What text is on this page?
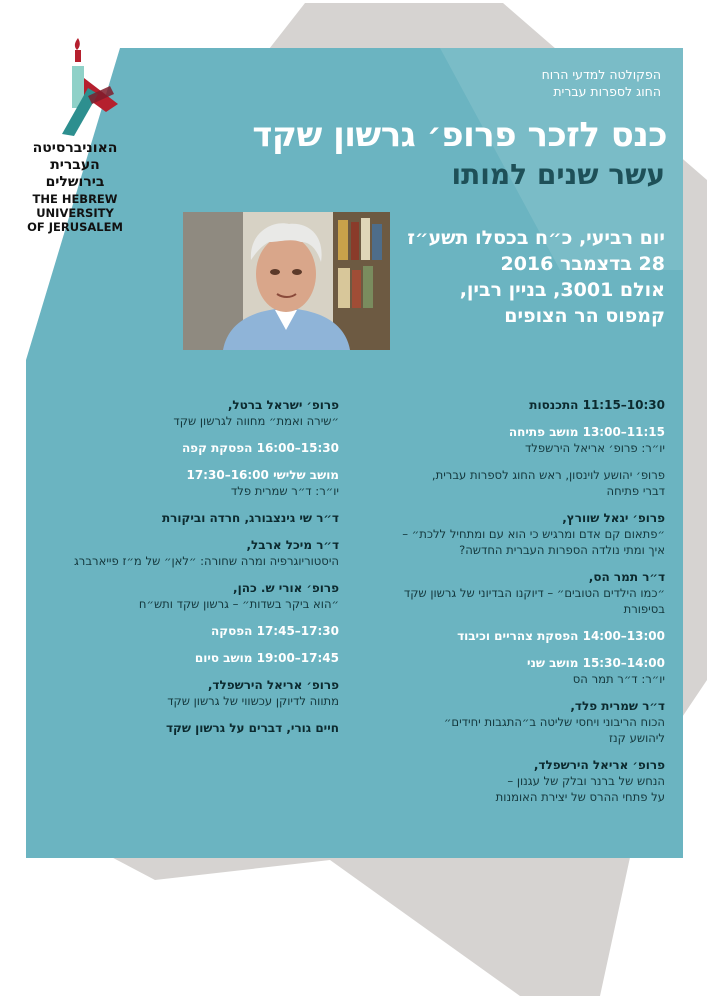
האוניברסיטה
העברית
בירושלים
THE HEBREW
UNIVERSITY
OF JERUSALEM
הפקולטה למדעי הרוח
החוג לספרות עברית
כנס לזכר פרופ׳ גרשון שקד
עשר שנים למותו
יום רביעי, כ״ח בכסלו תשע״ז
28 בדצמבר 2016
אולם 3001, בניין רבין,
קמפוס הר הצופים
10:30–11:15 התכנסות
11:15–13:00 מושב פתיחה
יו״ר: פרופ׳ אריאל הירשפלד
פרופ׳ יהושע לוינסון, ראש החוג לספרות עברית,
דברי פתיחה
פרופ׳ יגאל שוורץ,
״פתאום קם אדם ומרגיש כי הוא עם ומתחיל ללכת״ –
איך ומתי נולדה הספרות העברית החדשה?
ד״ר תמר הס,
״כמו הילדים הטובים״ – דיוקנו הבדיוני של גרשון שקד
בסיפורת
13:00–14:00 הפסקת צהריים וכיבוד
14:00–15:30 מושב שני
יו״ר: ד״ר תמר הס
ד״ר שמרית פלד,
הכוח הריבוני ויחסי שליטה ב״התגבות יחידים״
ליהושע קנז
פרופ׳ אריאל הירשפלד,
הנחש של ברנר ובלק של עגנון –
על פתחי ההרס של יצירת האומנות
פרופ׳ ישראל ברטל,
״שירה ואמת״ מחווה לגרשון שקד
15:30–16:00 הפסקת קפה
מושב שלישי 16:00–17:30
יו״ר: ד״ר שמרית פלד
ד״ר שי גינצבורג, חרדה וביקורת
ד״ר מיכל ארבל,
היסטוריוגרפיה ומרה שחורה: ״לאן״ של מ״ז פייארברג
פרופ׳ אורי ש. כהן,
״הוא ביקר בשדות״ – גרשון שקד ותש״ח
17:30–17:45 הפסקה
17:45–19:00 מושב סיום
פרופ׳ אריאל הירשפלד,
מתווה לדיוקן עכשווי של גרשון שקד
חיים גורי, דברים על גרשון שקד
